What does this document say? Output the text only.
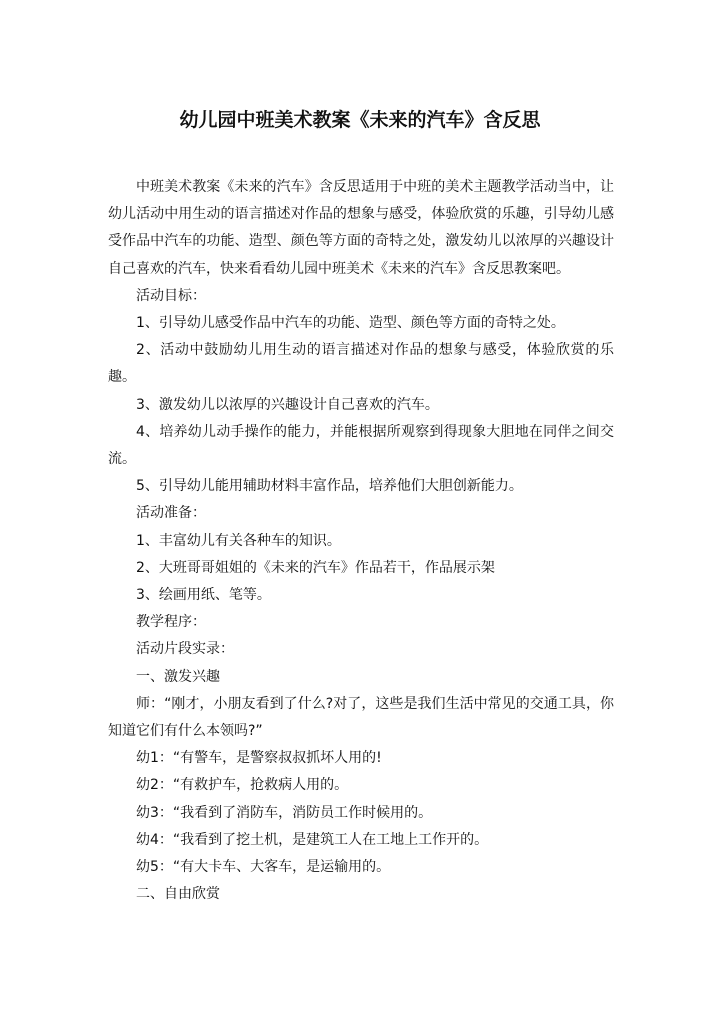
幼儿园中班美术教案《未来的汽车》含反思

中班美术教案《未来的汽车》含反思适用于中班的美术主题教学活动当中，让幼儿活动中用生动的语言描述对作品的想象与感受，体验欣赏的乐趣，引导幼儿感受作品中汽车的功能、造型、颜色等方面的奇特之处，激发幼儿以浓厚的兴趣设计自己喜欢的汽车，快来看看幼儿园中班美术《未来的汽车》含反思教案吧。

活动目标：

1、引导幼儿感受作品中汽车的功能、造型、颜色等方面的奇特之处。

2、活动中鼓励幼儿用生动的语言描述对作品的想象与感受，体验欣赏的乐趣。

3、激发幼儿以浓厚的兴趣设计自己喜欢的汽车。

4、培养幼儿动手操作的能力，并能根据所观察到得现象大胆地在同伴之间交流。

5、引导幼儿能用辅助材料丰富作品，培养他们大胆创新能力。

活动准备：

1、丰富幼儿有关各种车的知识。

2、大班哥哥姐姐的《未来的汽车》作品若干，作品展示架

3、绘画用纸、笔等。

教学程序：

活动片段实录：

一、激发兴趣

师：“刚才，小朋友看到了什么?对了，这些是我们生活中常见的交通工具，你知道它们有什么本领吗?”

幼1：“有警车，是警察叔叔抓坏人用的!

幼2：“有救护车，抢救病人用的。

幼3：“我看到了消防车，消防员工作时候用的。

幼4：“我看到了挖土机，是建筑工人在工地上工作开的。

幼5：“有大卡车、大客车，是运输用的。

二、自由欣赏
